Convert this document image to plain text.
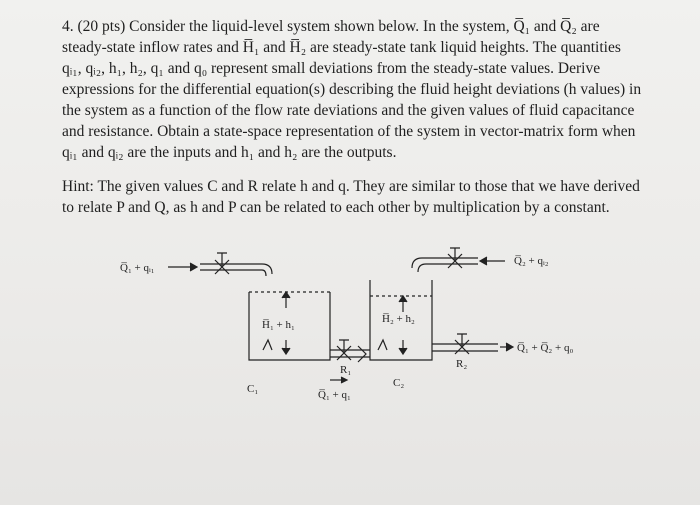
4. (20 pts) Consider the liquid-level system shown below. In the system, Q̅₁ and Q̅₂ are

steady-state inflow rates and H̅₁ and H̅₂ are steady-state tank liquid heights. The quantities

qᵢ₁, qᵢ₂, h₁, h₂, q₁ and q₀ represent small deviations from the steady-state values. Derive

expressions for the differential equation(s) describing the fluid height deviations (h values) in

the system as a function of the flow rate deviations and the given values of fluid capacitance

and resistance. Obtain a state-space representation of the system in vector-matrix form when

qᵢ₁ and qᵢ₂ are the inputs and h₁ and h₂ are the outputs.

Hint: The given values C and R relate h and q. They are similar to those that we have derived

to relate P and Q, as h and P can be related to each other by multiplication by a constant.

Q̅₁ + qᵢ₁
Q̅₂ + qᵢ₂
H̅₁ + h₁	H̅₂ + h₂
R₁	R₂
C₁	C₂
Q̅₁ + q₁
Q̅₁ + Q̅₂ + q₀
